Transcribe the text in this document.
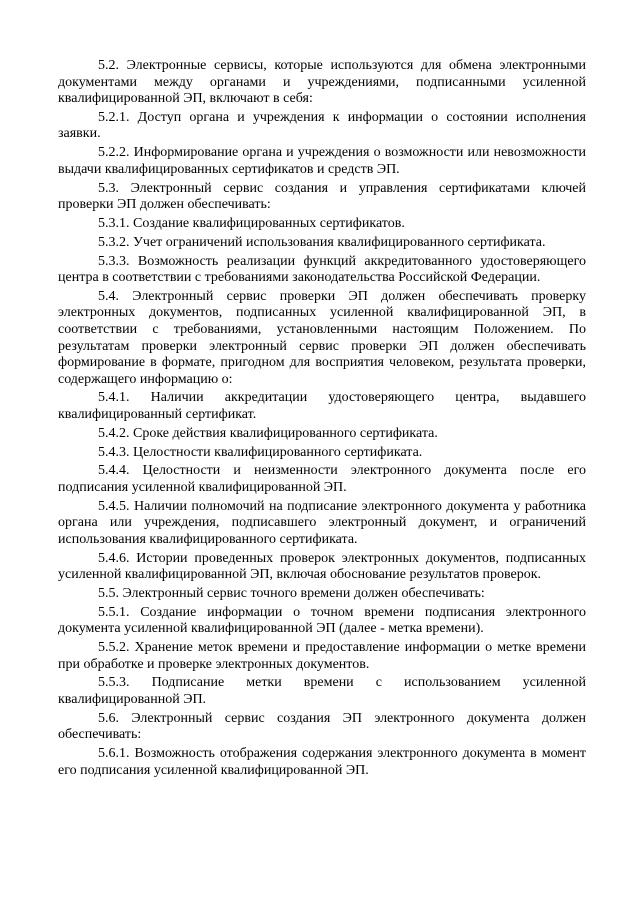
5.2. Электронные сервисы, которые используются для обмена электронными документами между органами и учреждениями, подписанными усиленной квалифицированной ЭП, включают в себя:

5.2.1. Доступ органа и учреждения к информации о состоянии исполнения заявки.

5.2.2. Информирование органа и учреждения о возможности или невозможности выдачи квалифицированных сертификатов и средств ЭП.

5.3. Электронный сервис создания и управления сертификатами ключей проверки ЭП должен обеспечивать:

5.3.1. Создание квалифицированных сертификатов.

5.3.2. Учет ограничений использования квалифицированного сертификата.

5.3.3. Возможность реализации функций аккредитованного удостоверяющего центра в соответствии с требованиями законодательства Российской Федерации.

5.4. Электронный сервис проверки ЭП должен обеспечивать проверку электронных документов, подписанных усиленной квалифицированной ЭП, в соответствии с требованиями, установленными настоящим Положением. По результатам проверки электронный сервис проверки ЭП должен обеспечивать формирование в формате, пригодном для восприятия человеком, результата проверки, содержащего информацию о:

5.4.1. Наличии аккредитации удостоверяющего центра, выдавшего квалифицированный сертификат.

5.4.2. Сроке действия квалифицированного сертификата.

5.4.3. Целостности квалифицированного сертификата.

5.4.4. Целостности и неизменности электронного документа после его подписания усиленной квалифицированной ЭП.

5.4.5. Наличии полномочий на подписание электронного документа у работника органа или учреждения, подписавшего электронный документ, и ограничений использования квалифицированного сертификата.

5.4.6. Истории проведенных проверок электронных документов, подписанных усиленной квалифицированной ЭП, включая обоснование результатов проверок.

5.5. Электронный сервис точного времени должен обеспечивать:

5.5.1. Создание информации о точном времени подписания электронного документа усиленной квалифицированной ЭП (далее - метка времени).

5.5.2. Хранение меток времени и предоставление информации о метке времени при обработке и проверке электронных документов.

5.5.3. Подписание метки времени с использованием усиленной квалифицированной ЭП.

5.6. Электронный сервис создания ЭП электронного документа должен обеспечивать:

5.6.1. Возможность отображения содержания электронного документа в момент его подписания усиленной квалифицированной ЭП.
